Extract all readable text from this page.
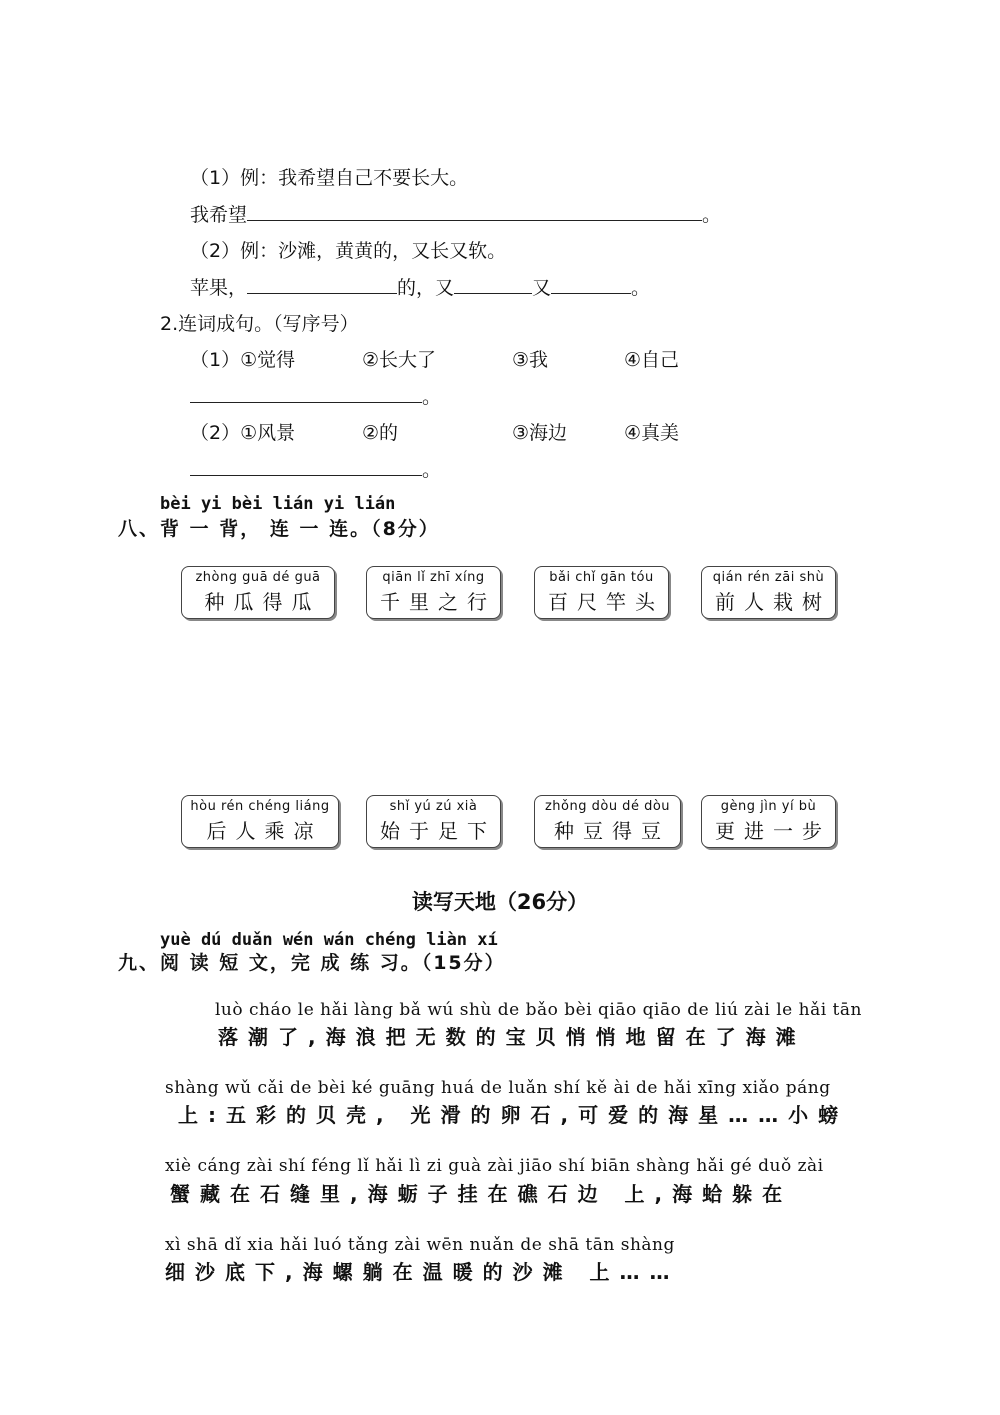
（1）例：我希望自己不要长大。
我希望	。
（2）例：沙滩，黄黄的，又长又软。
苹果，	的，又	又	。
2.连词成句。（写序号）
（1）①觉得	②长大了	③我	④自己
。
（2）①风景	②的	③海边	④真美
。
bèi yi bèi lián yi lián
八、背 一 背， 连 一 连。（8分）
zhòng guā dé guā
种瓜得瓜
qiān lǐ zhī xíng
千里之行
bǎi chǐ gān tóu
百尺竿头
qián rén zāi shù
前人栽树
hòu rén chéng liáng
后人乘凉
shǐ yú zú xià
始于足下
zhǒng dòu dé dòu
种豆得豆
gèng jìn yí bù
更进一步
读写天地（26分）
yuè dú duǎn wén wán chéng liàn xí
九、阅 读 短 文，完 成 练 习。（15分）
luò cháo le hǎi làng bǎ wú shù de bǎo bèi qiāo qiāo de liú zài le hǎi tān
落潮了,海浪把无数的宝贝悄悄地留在了海滩
shàng wǔ cǎi de bèi ké guāng huá de luǎn shí kě ài de hǎi xīng xiǎo páng
上:五彩的贝壳, 光滑的卵石,可爱的海星……小螃
xiè cáng zài shí féng lǐ hǎi lì zi guà zài jiāo shí biān shàng hǎi gé duǒ zài
蟹藏在石缝里,海蛎子挂在礁石边 上,海蛤躲在
xì shā dǐ xia hǎi luó tǎng zài wēn nuǎn de shā tān shàng
细沙底下,海螺躺在温暖的沙滩 上……
